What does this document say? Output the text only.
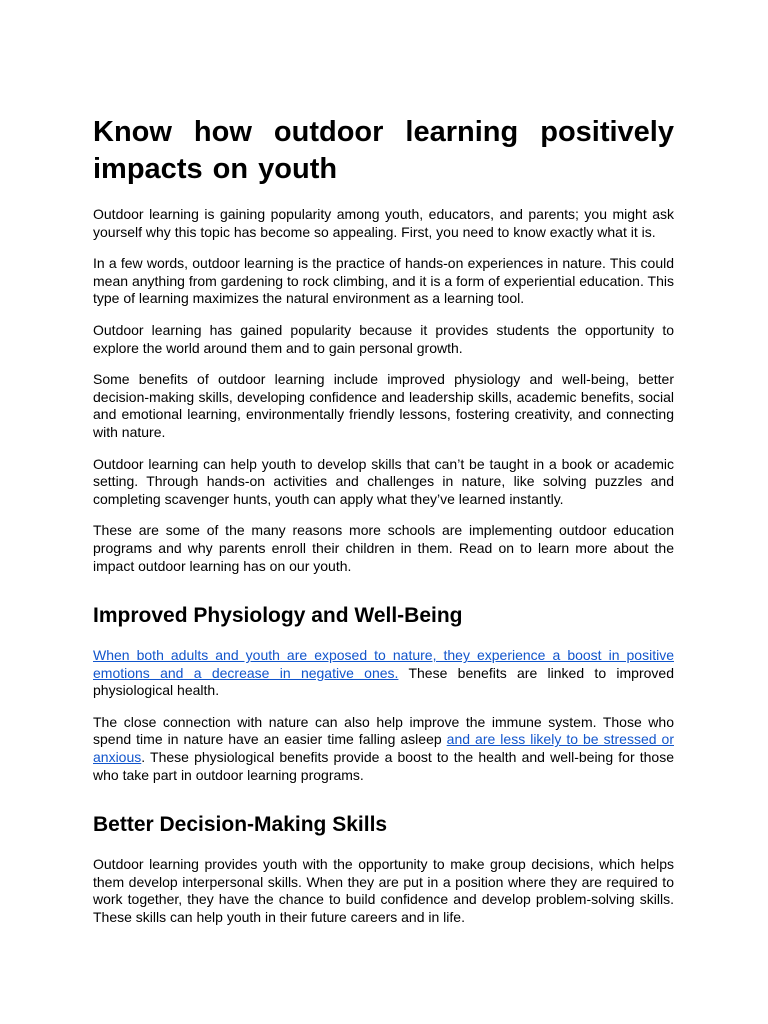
Know how outdoor learning positively impacts on youth

Outdoor learning is gaining popularity among youth, educators, and parents; you might ask yourself why this topic has become so appealing. First, you need to know exactly what it is.

In a few words, outdoor learning is the practice of hands-on experiences in nature. This could mean anything from gardening to rock climbing, and it is a form of experiential education. This type of learning maximizes the natural environment as a learning tool.

Outdoor learning has gained popularity because it provides students the opportunity to explore the world around them and to gain personal growth.

Some benefits of outdoor learning include improved physiology and well-being, better decision-making skills, developing confidence and leadership skills, academic benefits, social and emotional learning, environmentally friendly lessons, fostering creativity, and connecting with nature.

Outdoor learning can help youth to develop skills that can’t be taught in a book or academic setting. Through hands-on activities and challenges in nature, like solving puzzles and completing scavenger hunts, youth can apply what they’ve learned instantly.

These are some of the many reasons more schools are implementing outdoor education programs and why parents enroll their children in them. Read on to learn more about the impact outdoor learning has on our youth.

Improved Physiology and Well-Being

When both adults and youth are exposed to nature, they experience a boost in positive emotions and a decrease in negative ones. These benefits are linked to improved physiological health.

The close connection with nature can also help improve the immune system. Those who spend time in nature have an easier time falling asleep and are less likely to be stressed or anxious. These physiological benefits provide a boost to the health and well-being for those who take part in outdoor learning programs.

Better Decision-Making Skills

Outdoor learning provides youth with the opportunity to make group decisions, which helps them develop interpersonal skills. When they are put in a position where they are required to work together, they have the chance to build confidence and develop problem-solving skills. These skills can help youth in their future careers and in life.
